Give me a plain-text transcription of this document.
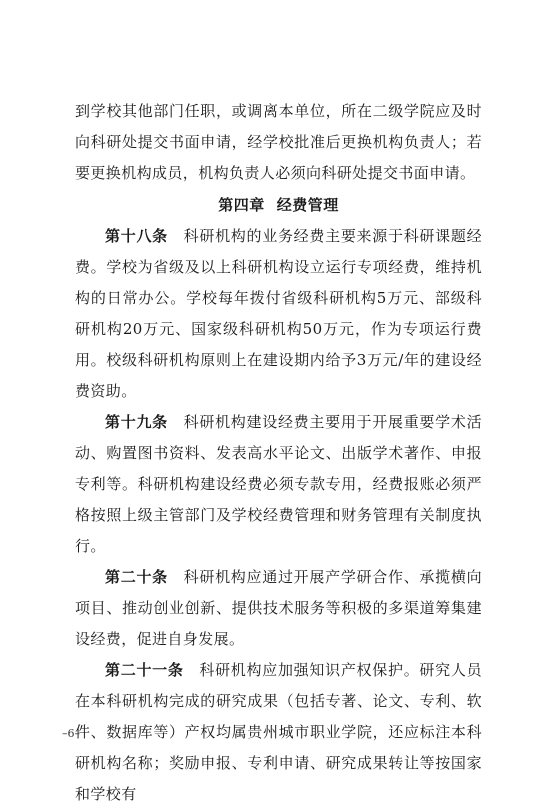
到学校其他部门任职，或调离本单位，所在二级学院应及时向科研处提交书面申请，经学校批准后更换机构负责人；若要更换机构成员，机构负责人必须向科研处提交书面申请。

第四章 经费管理

第十八条　 科研机构的业务经费主要来源于科研课题经费。学校为省级及以上科研机构设立运行专项经费，维持机构的日常办公。学校每年拨付省级科研机构5万元、部级科研机构20万元、国家级科研机构50万元，作为专项运行费用。校级科研机构原则上在建设期内给予3万元/年的建设经费资助。

第十九条　 科研机构建设经费主要用于开展重要学术活动、购置图书资料、发表高水平论文、出版学术著作、申报专利等。科研机构建设经费必须专款专用，经费报账必须严格按照上级主管部门及学校经费管理和财务管理有关制度执行。

第二十条　 科研机构应通过开展产学研合作、承揽横向项目、推动创业创新、提供技术服务等积极的多渠道筹集建设经费，促进自身发展。

第二十一条　 科研机构应加强知识产权保护。研究人员在本科研机构完成的研究成果（包括专著、论文、专利、软件、数据库等）产权均属贵州城市职业学院，还应标注本科研机构名称；奖励申报、专利申请、研究成果转让等按国家和学校有

–6–
